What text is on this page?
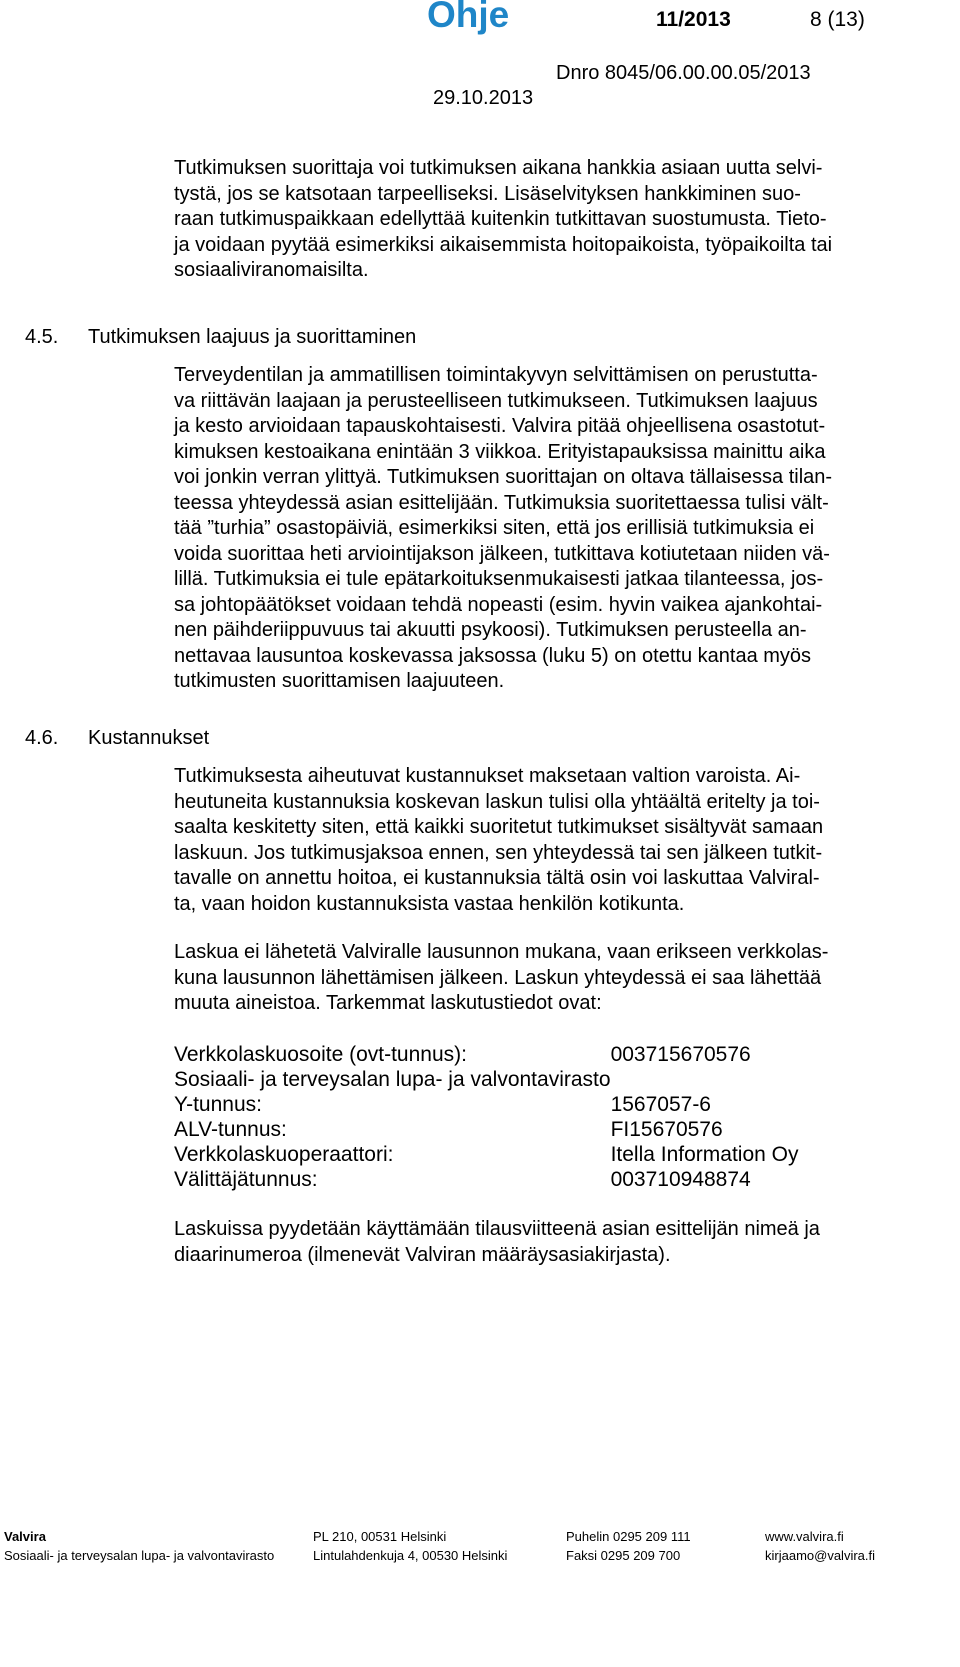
Ohje	11/2013	8 (13)
Dnro 8045/06.00.00.05/2013
29.10.2013
Tutkimuksen suorittaja voi tutkimuksen aikana hankkia asiaan uutta selvi-
tystä, jos se katsotaan tarpeelliseksi. Lisäselvityksen hankkiminen suo-
raan tutkimuspaikkaan edellyttää kuitenkin tutkittavan suostumusta. Tieto-
ja voidaan pyytää esimerkiksi aikaisemmista hoitopaikoista, työpaikoilta tai
sosiaaliviranomaisilta.
4.5. Tutkimuksen laajuus ja suorittaminen
Terveydentilan ja ammatillisen toimintakyvyn selvittämisen on perustutta-
va riittävän laajaan ja perusteelliseen tutkimukseen. Tutkimuksen laajuus
ja kesto arvioidaan tapauskohtaisesti. Valvira pitää ohjeellisena osastotut-
kimuksen kestoaikana enintään 3 viikkoa. Erityistapauksissa mainittu aika
voi jonkin verran ylittyä. Tutkimuksen suorittajan on oltava tällaisessa tilan-
teessa yhteydessä asian esittelijään. Tutkimuksia suoritettaessa tulisi vält-
tää ”turhia” osastopäiviä, esimerkiksi siten, että jos erillisiä tutkimuksia ei
voida suorittaa heti arviointijakson jälkeen, tutkittava kotiutetaan niiden vä-
lillä. Tutkimuksia ei tule epätarkoituksenmukaisesti jatkaa tilanteessa, jos-
sa johtopäätökset voidaan tehdä nopeasti (esim. hyvin vaikea ajankohtai-
nen päihderiippuvuus tai akuutti psykoosi). Tutkimuksen perusteella an-
nettavaa lausuntoa koskevassa jaksossa (luku 5) on otettu kantaa myös
tutkimusten suorittamisen laajuuteen.
4.6. Kustannukset
Tutkimuksesta aiheutuvat kustannukset maksetaan valtion varoista. Ai-
heutuneita kustannuksia koskevan laskun tulisi olla yhtäältä eritelty ja toi-
saalta keskitetty siten, että kaikki suoritetut tutkimukset sisältyvät samaan
laskuun. Jos tutkimusjaksoa ennen, sen yhteydessä tai sen jälkeen tutkit-
tavalle on annettu hoitoa, ei kustannuksia tältä osin voi laskuttaa Valviral-
ta, vaan hoidon kustannuksista vastaa henkilön kotikunta.
Laskua ei lähetetä Valviralle lausunnon mukana, vaan erikseen verkkolas-
kuna lausunnon lähettämisen jälkeen. Laskun yhteydessä ei saa lähettää
muuta aineistoa. Tarkemmat laskutustiedot ovat:
Verkkolaskuosoite (ovt-tunnus):	003715670576
Sosiaali- ja terveysalan lupa- ja valvontavirasto	
Y-tunnus:	1567057-6
ALV-tunnus:	FI15670576
Verkkolaskuoperaattori:	Itella Information Oy
Välittäjätunnus:	003710948874
Laskuissa pyydetään käyttämään tilausviitteenä asian esittelijän nimeä ja
diaarinumeroa (ilmenevät Valviran määräysasiakirjasta).
Valvira
Sosiaali- ja terveysalan lupa- ja valvontavirasto
PL 210, 00531 Helsinki
Lintulahdenkuja 4, 00530 Helsinki
Puhelin 0295 209 111
Faksi 0295 209 700
www.valvira.fi
kirjaamo@valvira.fi
